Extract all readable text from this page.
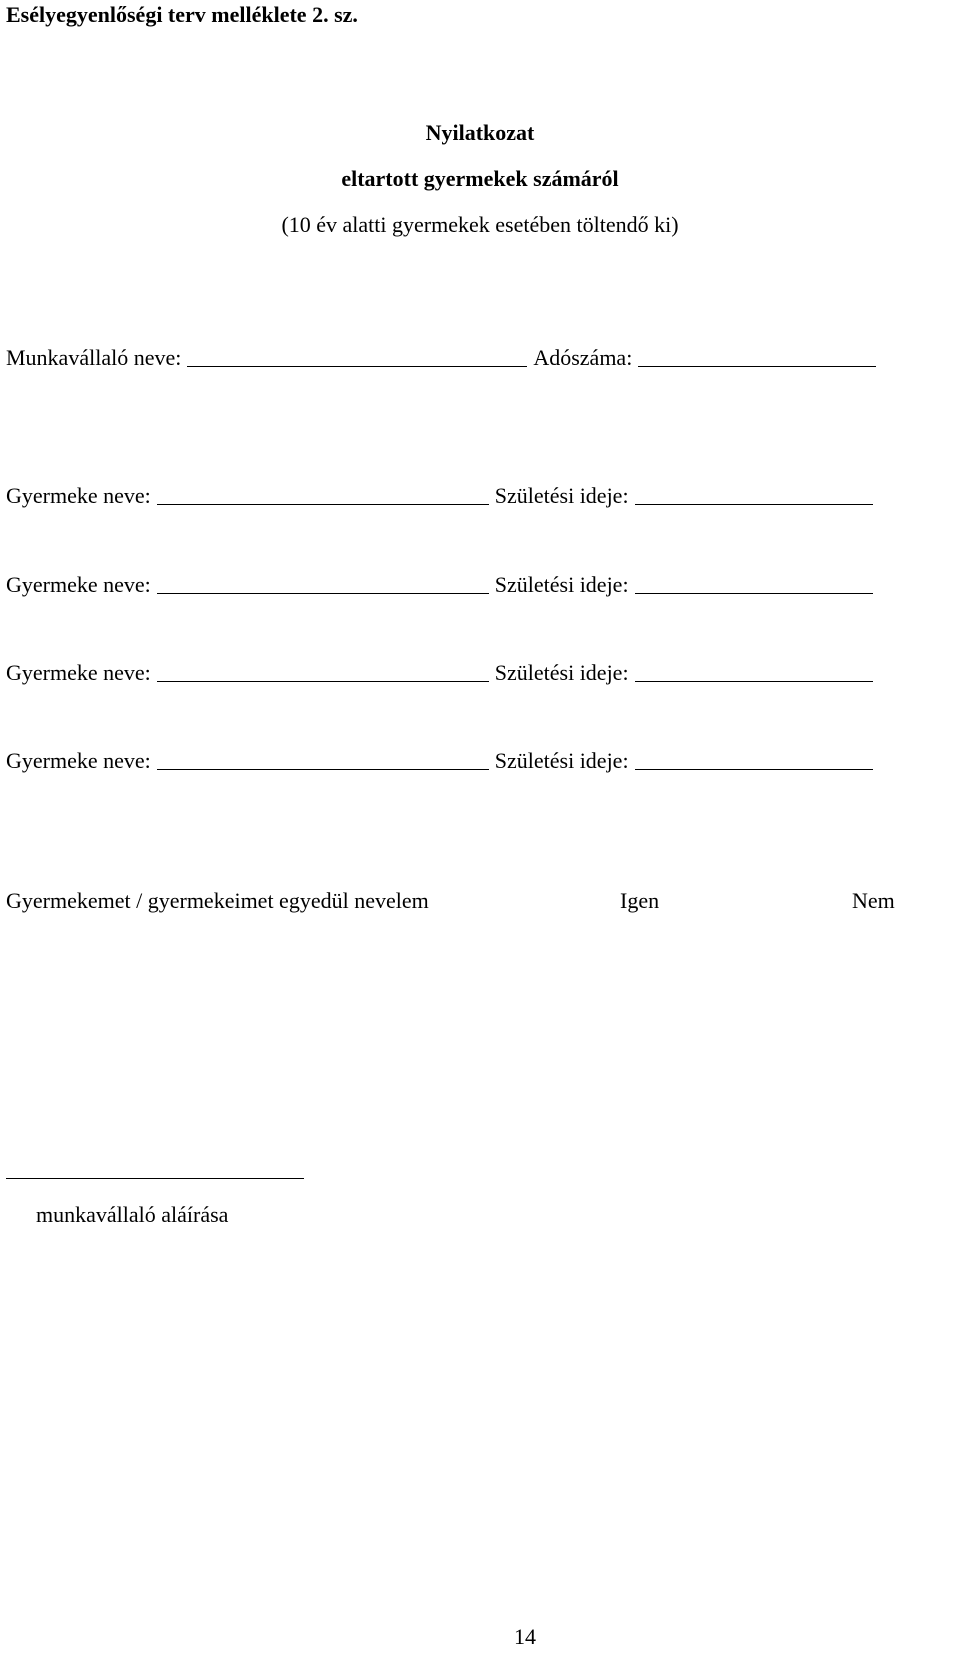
Esélyegyenlőségi terv melléklete 2. sz.
Nyilatkozat
eltartott gyermekek számáról
(10 év alatti gyermekek esetében töltendő ki)
Munkavállaló neve:	Adószáma:
Gyermeke neve:	Születési ideje:
Gyermeke neve:	Születési ideje:
Gyermeke neve:	Születési ideje:
Gyermeke neve:	Születési ideje:
Gyermekemet / gyermekeimet egyedül nevelem	Igen	Nem
munkavállaló aláírása
14
